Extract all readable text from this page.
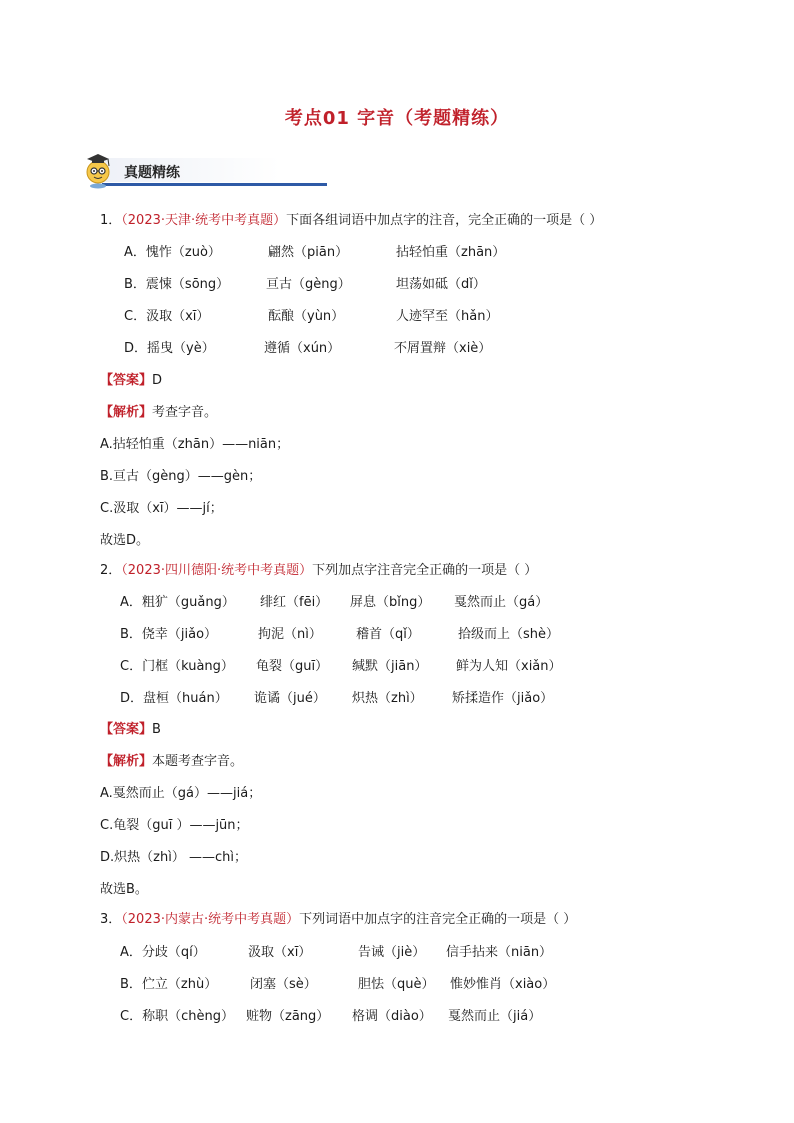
考点01 字音（考题精练）
真题精练
1．（2023·天津·统考中考真题）下面各组词语中加点字的注音，完全正确的一项是（ ）
A．愧怍（zuò）	翩然（piān）	拈轻怕重（zhān）
B．震悚（sōng）	亘古（gèng）	坦荡如砥（dǐ）
C．汲取（xī）	酝酿（yùn）	人迹罕至（hǎn）
D．摇曳（yè）	遵循（xún）	不屑置辩（xiè）
【答案】D
【解析】考查字音。
A.拈轻怕重（zhān）——niān；
B.亘古（gèng）——gèn；
C.汲取（xī）——jí；
故选D。
2．（2023·四川德阳·统考中考真题）下列加点字注音完全正确的一项是（ ）
A．粗犷（guǎng） 绯红（fēi） 屏息（bǐng） 戛然而止（gá）
B．侥幸（jiǎo）	拘泥（nì）	稽首（qǐ）	拾级而上（shè）
C．门框（kuàng） 龟裂（guī） 缄默（jiān） 鲜为人知（xiǎn）
D．盘桓（huán） 诡谲（jué） 炽热（zhì） 矫揉造作（jiǎo）
【答案】B
【解析】本题考查字音。
A.戛然而止（gá）——jiá；
C.龟裂（guī ）——jūn；
D.炽热（zhì） ——chì；
故选B。
3．（2023·内蒙古·统考中考真题）下列词语中加点字的注音完全正确的一项是（ ）
A．分歧（qí）	汲取（xī）	告诫（jiè） 信手拈来（niān）
B．伫立（zhù）	闭塞（sè）	胆怯（què） 惟妙惟肖（xiào）
C．称职（chèng） 赃物（zāng） 格调（diào） 戛然而止（jiá）
